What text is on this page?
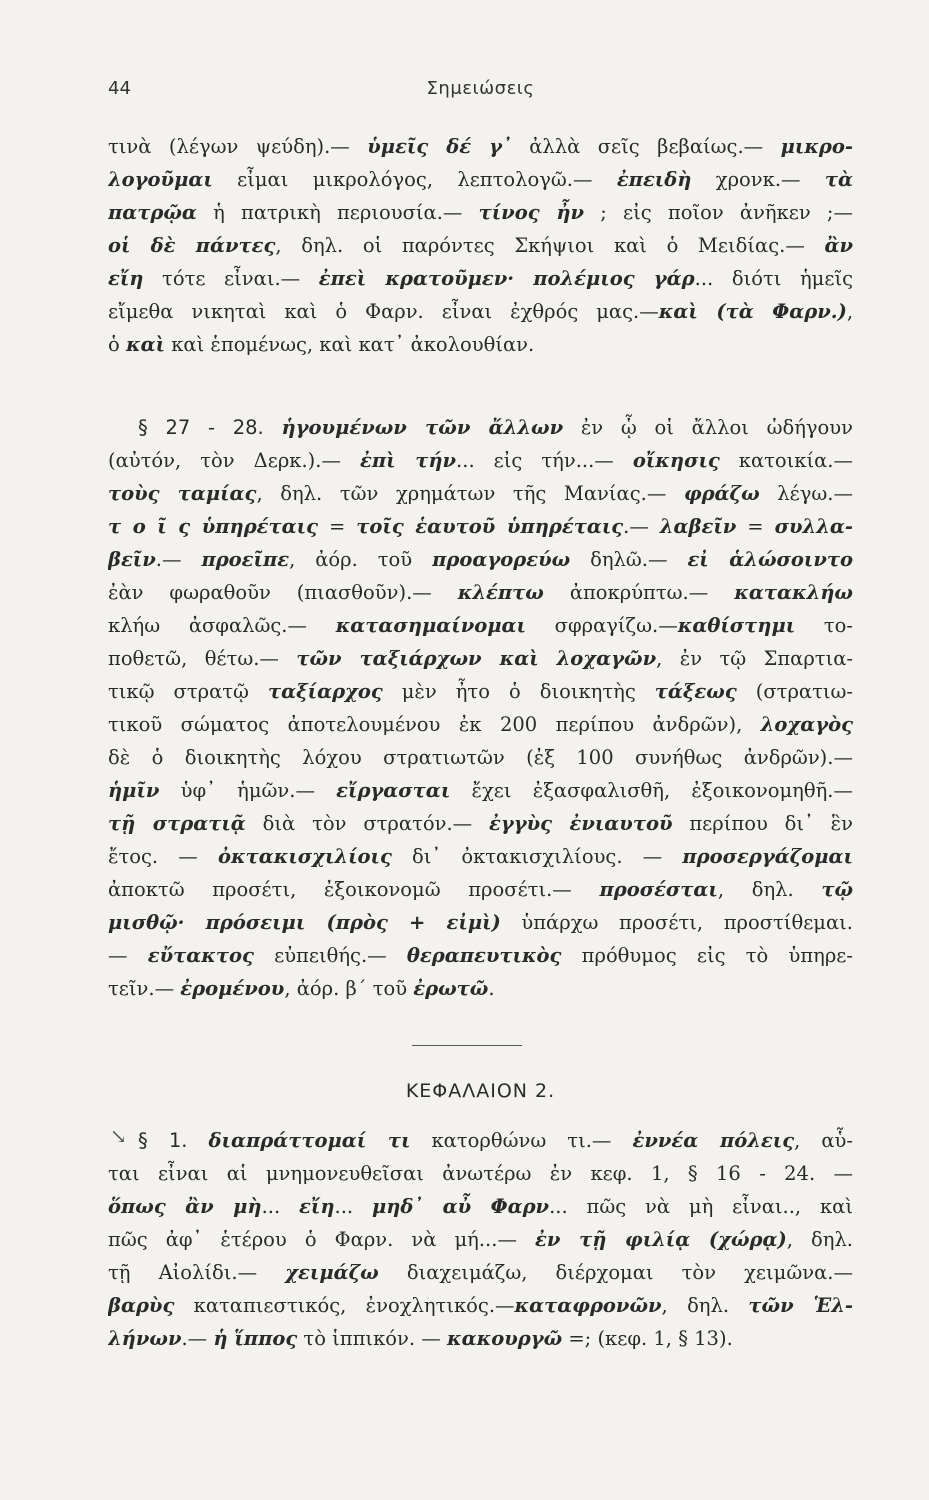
44	Σημειώσεις
τινὰ (λέγων ψεύδη).— ὑμεῖς δέ γ᾽ ἀλλὰ σεῖς βεβαίως.— μικρο-
λογοῦμαι εἶμαι μικρολόγος, λεπτολογῶ.— ἐπειδὴ χρονκ.— τὰ
πατρῷα ἡ πατρικὴ περιουσία.— τίνος ἦν ; εἰς ποῖον ἀνῆκεν ;—
οἱ δὲ πάντες, δηλ. οἱ παρόντες Σκήψιοι καὶ ὁ Μειδίας.— ἂν
εἴη τότε εἶναι.— ἐπεὶ κρατοῦμεν· πολέμιος γάρ... διότι ἡμεῖς
εἴμεθα νικηταὶ καὶ ὁ Φαρν. εἶναι ἐχθρός μας.—καὶ (τὰ Φαρν.),
ὁ καὶ καὶ ἑπομένως, καὶ κατ᾽ ἀκολουθίαν.
§ 27 - 28. ἡγουμένων τῶν ἄλλων ἐν ᾧ οἱ ἄλλοι ὡδήγουν
(αὐτόν, τὸν Δερκ.).— ἐπὶ τήν... εἰς τήν...— οἴκησις κατοικία.—
τοὺς ταμίας, δηλ. τῶν χρημάτων τῆς Μανίας.— φράζω λέγω.—
τ ο ῖ ς ὑπηρέταις = τοῖς ἑαυτοῦ ὑπηρέταις.— λαβεῖν = συλλα-
βεῖν.— προεῖπε, ἀόρ. τοῦ προαγορεύω δηλῶ.— εἰ ἁλώσοιντο
ἐὰν φωραθοῦν (πιασθοῦν).— κλέπτω ἀποκρύπτω.— κατακλήω
κλήω ἀσφαλῶς.— κατασημαίνομαι σφραγίζω.—καθίστημι το-
ποθετῶ, θέτω.— τῶν ταξιάρχων καὶ λοχαγῶν, ἐν τῷ Σπαρτια-
τικῷ στρατῷ ταξίαρχος μὲν ἦτο ὁ διοικητὴς τάξεως (στρατιω-
τικοῦ σώματος ἀποτελουμένου ἐκ 200 περίπου ἀνδρῶν), λοχαγὸς
δὲ ὁ διοικητὴς λόχου στρατιωτῶν (ἐξ 100 συνήθως ἀνδρῶν).—
ἡμῖν ὑφ᾽ ἡμῶν.— εἴργασται ἔχει ἐξασφαλισθῆ, ἐξοικονομηθῆ.—
τῇ στρατιᾷ διὰ τὸν στρατόν.— ἐγγὺς ἐνιαυτοῦ περίπου δι᾽ ἓν
ἔτος. — ὀκτακισχιλίοις δι᾽ ὀκτακισχιλίους. — προσεργάζομαι
ἀποκτῶ προσέτι, ἐξοικονομῶ προσέτι.— προσέσται, δηλ. τῷ
μισθῷ· πρόσειμι (πρὸς + εἰμὶ) ὑπάρχω προσέτι, προστίθεμαι.
— εὔτακτος εὐπειθής.— θεραπευτικὸς πρόθυμος εἰς τὸ ὑπηρε-
τεῖν.— ἐρομένου, ἀόρ. β΄ τοῦ ἐρωτῶ.
§ 1. διαπράττομαί τι κατορθώνω τι.— ἐννέα πόλεις, αὗ-
ται εἶναι αἱ μνημονευθεῖσαι ἀνωτέρω ἐν κεφ. 1, § 16 - 24. —
ὅπως ἂν μὴ... εἴη... μηδ᾽ αὖ Φαρν... πῶς νὰ μὴ εἶναι.., καὶ
πῶς ἀφ᾽ ἑτέρου ὁ Φαρν. νὰ μή...— ἐν τῇ φιλίᾳ (χώρᾳ), δηλ.
τῇ Αἰολίδι.— χειμάζω διαχειμάζω, διέρχομαι τὸν χειμῶνα.—
βαρὺς καταπιεστικός, ἐνοχλητικός.—καταφρονῶν, δηλ. τῶν Ἑλ-
λήνων.— ἡ ἵππος τὸ ἱππικόν. — κακουργῶ =; (κεφ. 1, § 13).
ΚΕΦΑΛΑΙΟΝ 2.
↘
